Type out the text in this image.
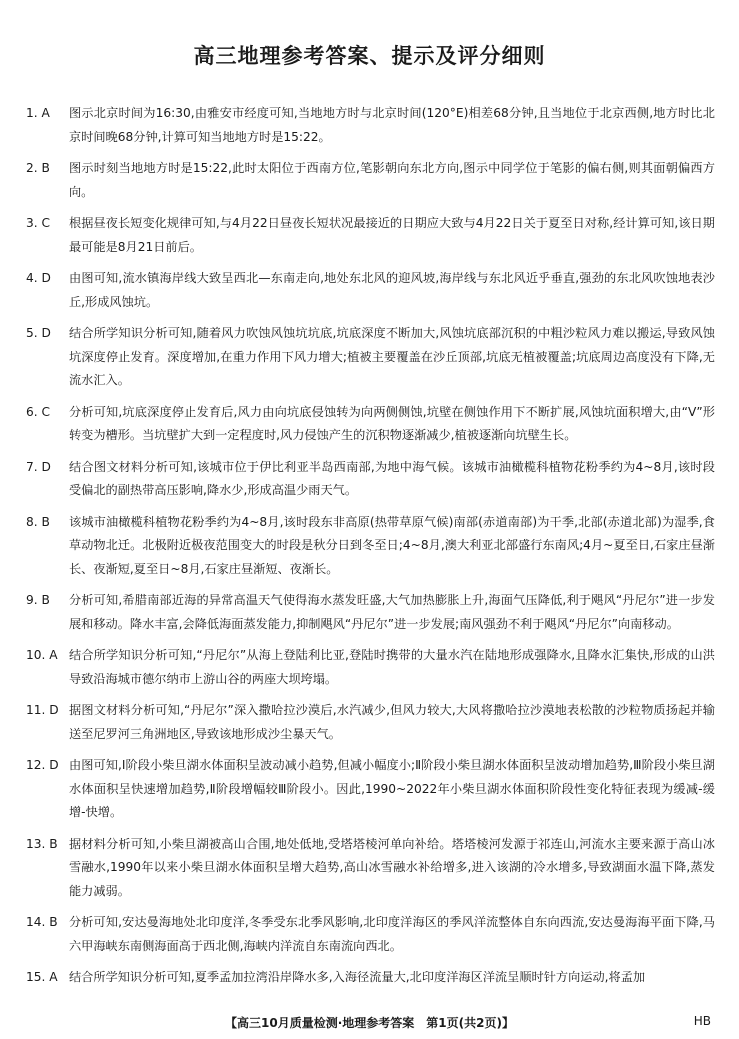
高三地理参考答案、提示及评分细则
1. A	图示北京时间为16:30,由雅安市经度可知,当地地方时与北京时间(120°E)相差68分钟,且当地位于北京西侧,地方时比北京时间晚68分钟,计算可知当地地方时是15:22。
2. B	图示时刻当地地方时是15:22,此时太阳位于西南方位,笔影朝向东北方向,图示中同学位于笔影的偏右侧,则其面朝偏西方向。
3. C	根据昼夜长短变化规律可知,与4月22日昼夜长短状况最接近的日期应大致与4月22日关于夏至日对称,经计算可知,该日期最可能是8月21日前后。
4. D	由图可知,流水镇海岸线大致呈西北—东南走向,地处东北风的迎风坡,海岸线与东北风近乎垂直,强劲的东北风吹蚀地表沙丘,形成风蚀坑。
5. D	结合所学知识分析可知,随着风力吹蚀风蚀坑坑底,坑底深度不断加大,风蚀坑底部沉积的中粗沙粒风力难以搬运,导致风蚀坑深度停止发育。深度增加,在重力作用下风力增大;植被主要覆盖在沙丘顶部,坑底无植被覆盖;坑底周边高度没有下降,无流水汇入。
6. C	分析可知,坑底深度停止发育后,风力由向坑底侵蚀转为向两侧侧蚀,坑壁在侧蚀作用下不断扩展,风蚀坑面积增大,由“V”形转变为槽形。当坑壁扩大到一定程度时,风力侵蚀产生的沉积物逐渐减少,植被逐渐向坑壁生长。
7. D	结合图文材料分析可知,该城市位于伊比利亚半岛西南部,为地中海气候。该城市油橄榄科植物花粉季约为4~8月,该时段受偏北的副热带高压影响,降水少,形成高温少雨天气。
8. B	该城市油橄榄科植物花粉季约为4~8月,该时段东非高原(热带草原气候)南部(赤道南部)为干季,北部(赤道北部)为湿季,食草动物北迁。北极附近极夜范围变大的时段是秋分日到冬至日;4~8月,澳大利亚北部盛行东南风;4月~夏至日,石家庄昼渐长、夜渐短,夏至日~8月,石家庄昼渐短、夜渐长。
9. B	分析可知,希腊南部近海的异常高温天气使得海水蒸发旺盛,大气加热膨胀上升,海面气压降低,利于飓风“丹尼尔”进一步发展和移动。降水丰富,会降低海面蒸发能力,抑制飓风“丹尼尔”进一步发展;南风强劲不利于飓风“丹尼尔”向南移动。
10. A 结合所学知识分析可知,“丹尼尔”从海上登陆利比亚,登陆时携带的大量水汽在陆地形成强降水,且降水汇集快,形成的山洪导致沿海城市德尔纳市上游山谷的两座大坝垮塌。
11. D 据图文材料分析可知,“丹尼尔”深入撒哈拉沙漠后,水汽减少,但风力较大,大风将撒哈拉沙漠地表松散的沙粒物质扬起并输送至尼罗河三角洲地区,导致该地形成沙尘暴天气。
12. D 由图可知,Ⅰ阶段小柴旦湖水体面积呈波动减小趋势,但减小幅度小;Ⅱ阶段小柴旦湖水体面积呈波动增加趋势,Ⅲ阶段小柴旦湖水体面积呈快速增加趋势,Ⅱ阶段增幅较Ⅲ阶段小。因此,1990~2022年小柴旦湖水体面积阶段性变化特征表现为缓减-缓增-快增。
13. B 据材料分析可知,小柴旦湖被高山合围,地处低地,受塔塔棱河单向补给。塔塔棱河发源于祁连山,河流水主要来源于高山冰雪融水,1990年以来小柴旦湖水体面积呈增大趋势,高山冰雪融水补给增多,进入该湖的冷水增多,导致湖面水温下降,蒸发能力减弱。
14. B 分析可知,安达曼海地处北印度洋,冬季受东北季风影响,北印度洋海区的季风洋流整体自东向西流,安达曼海海平面下降,马六甲海峡东南侧海面高于西北侧,海峡内洋流自东南流向西北。
15. A 结合所学知识分析可知,夏季孟加拉湾沿岸降水多,入海径流量大,北印度洋海区洋流呈顺时针方向运动,将孟加
【高三10月质量检测·地理参考答案　第1页(共2页)】	HB
